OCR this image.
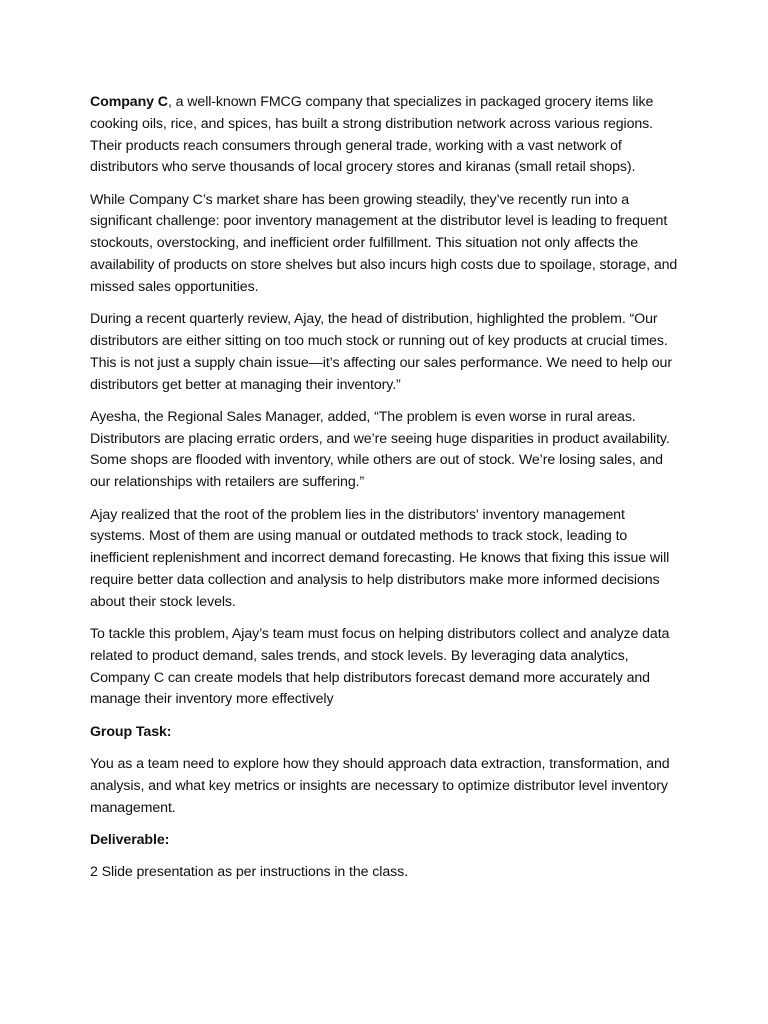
Company C, a well-known FMCG company that specializes in packaged grocery items like cooking oils, rice, and spices, has built a strong distribution network across various regions. Their products reach consumers through general trade, working with a vast network of distributors who serve thousands of local grocery stores and kiranas (small retail shops).

While Company C’s market share has been growing steadily, they’ve recently run into a significant challenge: poor inventory management at the distributor level is leading to frequent stockouts, overstocking, and inefficient order fulfillment. This situation not only affects the availability of products on store shelves but also incurs high costs due to spoilage, storage, and missed sales opportunities.

During a recent quarterly review, Ajay, the head of distribution, highlighted the problem. “Our distributors are either sitting on too much stock or running out of key products at crucial times. This is not just a supply chain issue—it’s affecting our sales performance. We need to help our distributors get better at managing their inventory.”

Ayesha, the Regional Sales Manager, added, “The problem is even worse in rural areas. Distributors are placing erratic orders, and we’re seeing huge disparities in product availability. Some shops are flooded with inventory, while others are out of stock. We’re losing sales, and our relationships with retailers are suffering.”

Ajay realized that the root of the problem lies in the distributors' inventory management systems. Most of them are using manual or outdated methods to track stock, leading to inefficient replenishment and incorrect demand forecasting. He knows that fixing this issue will require better data collection and analysis to help distributors make more informed decisions about their stock levels.

To tackle this problem, Ajay’s team must focus on helping distributors collect and analyze data related to product demand, sales trends, and stock levels. By leveraging data analytics, Company C can create models that help distributors forecast demand more accurately and manage their inventory more effectively

Group Task:

You as a team need to explore how they should approach data extraction, transformation, and analysis, and what key metrics or insights are necessary to optimize distributor level inventory management.

Deliverable:

2 Slide presentation as per instructions in the class.
